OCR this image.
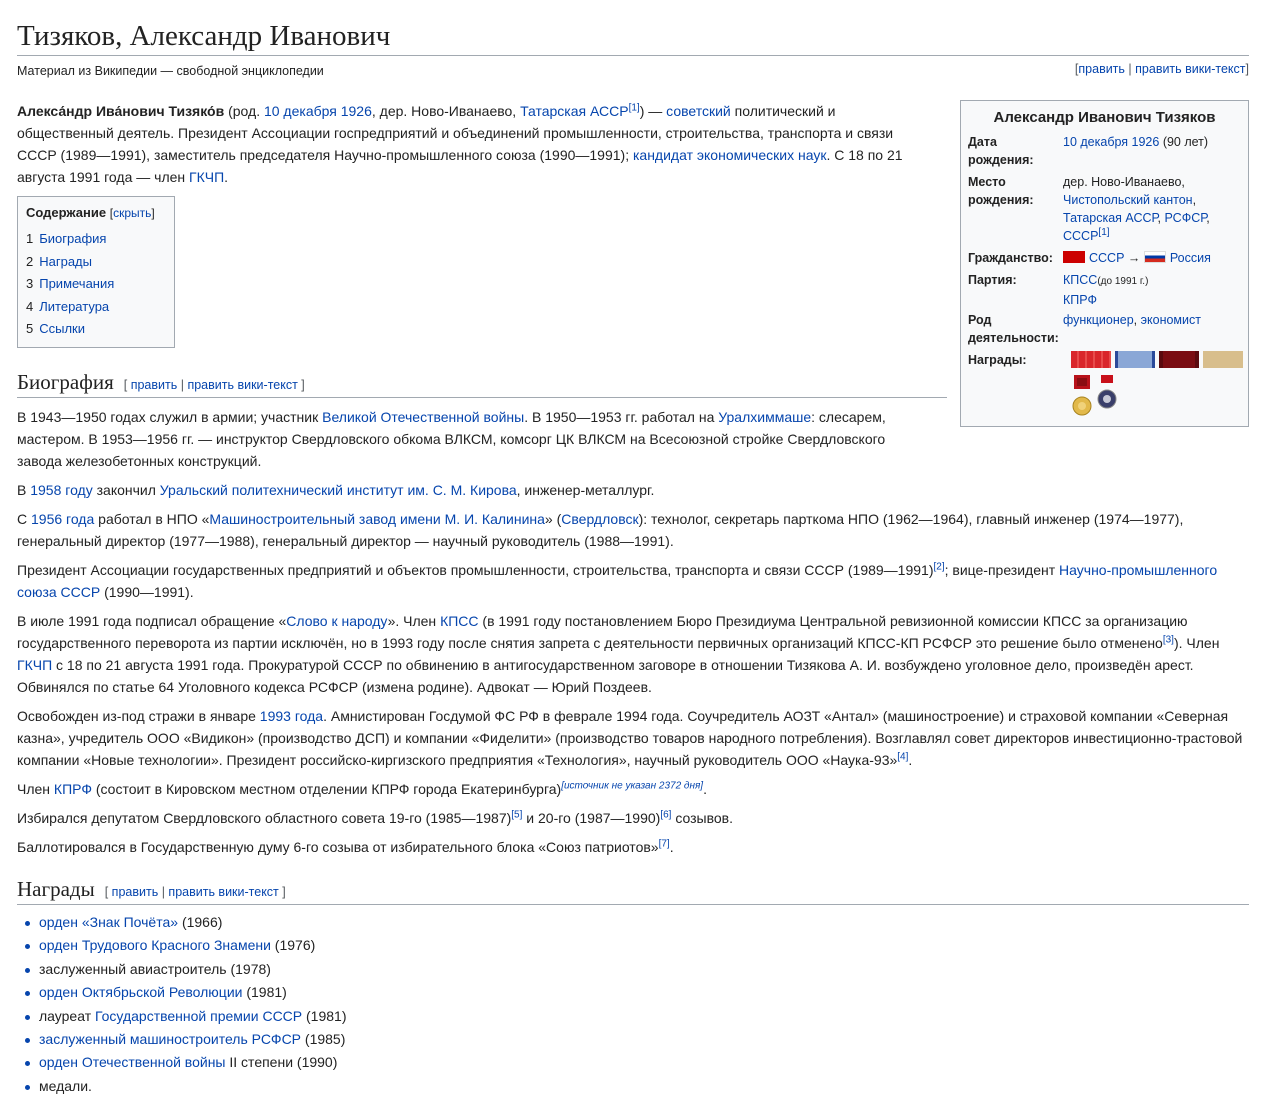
Тизяков, Александр Иванович
Материал из Википедии — свободной энциклопедии	[править | править вики-текст]

Алекса́ндр Ива́нович Тизяко́в (род. 10 декабря 1926, дер. Ново-Иванаево, Татарская АССР[1]) — советский политический и общественный деятель. Президент Ассоциации госпредприятий и объединений промышленности, строительства, транспорта и связи СССР (1989—1991), заместитель председателя Научно-промышленного союза (1990—1991); кандидат экономических наук. С 18 по 21 августа 1991 года — член ГКЧП.

Содержание [скрыть]
1 Биография
2 Награды
3 Примечания
4 Литература
5 Ссылки
Биография [ править | править вики-текст ]

В 1943—1950 годах служил в армии; участник Великой Отечественной войны. В 1950—1953 гг. работал на Уралхиммаше: слесарем, мастером. В 1953—1956 гг. — инструктор Свердловского обкома ВЛКСМ, комсорг ЦК ВЛКСМ на Всесоюзной стройке Свердловского завода железобетонных конструкций.

В 1958 году закончил Уральский политехнический институт им. С. М. Кирова, инженер-металлург.

С 1956 года работал в НПО «Машиностроительный завод имени М. И. Калинина» (Свердловск): технолог, секретарь парткома НПО (1962—1964), главный инженер (1974—1977), генеральный директор (1977—1988), генеральный директор — научный руководитель (1988—1991).

Президент Ассоциации государственных предприятий и объектов промышленности, строительства, транспорта и связи СССР (1989—1991)[2]; вице-президент Научно-промышленного союза СССР (1990—1991).

В июле 1991 года подписал обращение «Слово к народу». Член КПСС (в 1991 году постановлением Бюро Президиума Центральной ревизионной комиссии КПСС за организацию государственного переворота из партии исключён, но в 1993 году после снятия запрета с деятельности первичных организаций КПСС-КП РСФСР это решение было отменено[3]). Член ГКЧП с 18 по 21 августа 1991 года. Прокуратурой СССР по обвинению в антигосударственном заговоре в отношении Тизякова А. И. возбуждено уголовное дело, произведён арест. Обвинялся по статье 64 Уголовного кодекса РСФСР (измена родине). Адвокат — Юрий Поздеев.

Освобожден из-под стражи в январе 1993 года. Амнистирован Госдумой ФС РФ в феврале 1994 года. Соучредитель АОЗТ «Антал» (машиностроение) и страховой компании «Северная казна», учредитель ООО «Видикон» (производство ДСП) и компании «Фиделити» (производство товаров народного потребления). Возглавлял совет директоров инвестиционно-трастовой компании «Новые технологии». Президент российско-киргизского предприятия «Технология», научный руководитель ООО «Наука-93»[4].

Член КПРФ (состоит в Кировском местном отделении КПРФ города Екатеринбурга)[источник не указан 2372 дня].

Избирался депутатом Свердловского областного совета 19-го (1985—1987)[5] и 20-го (1987—1990)[6] созывов.

Баллотировался в Государственную думу 6-го созыва от избирательного блока «Союз патриотов»[7].

Награды [ править | править вики-текст ]
орден «Знак Почёта» (1966)
орден Трудового Красного Знамени (1976)
заслуженный авиастроитель (1978)
орден Октябрьской Революции (1981)
лауреат Государственной премии СССР (1981)
заслуженный машиностроитель РСФСР (1985)
орден Отечественной войны II степени (1990)
медали.
Александр Иванович Тизяков
Дата рождения:
10 декабря 1926 (90 лет)
Место рождения:
дер. Ново-Иванаево,
Чистопольский кантон,
Татарская АССР, РСФСР,
СССР[1]
Гражданство:	СССР → Россия
Партия:	КПСС(до 1991 г.)
КПРФ
Род деятельности:
функционер, экономист
Награды:
